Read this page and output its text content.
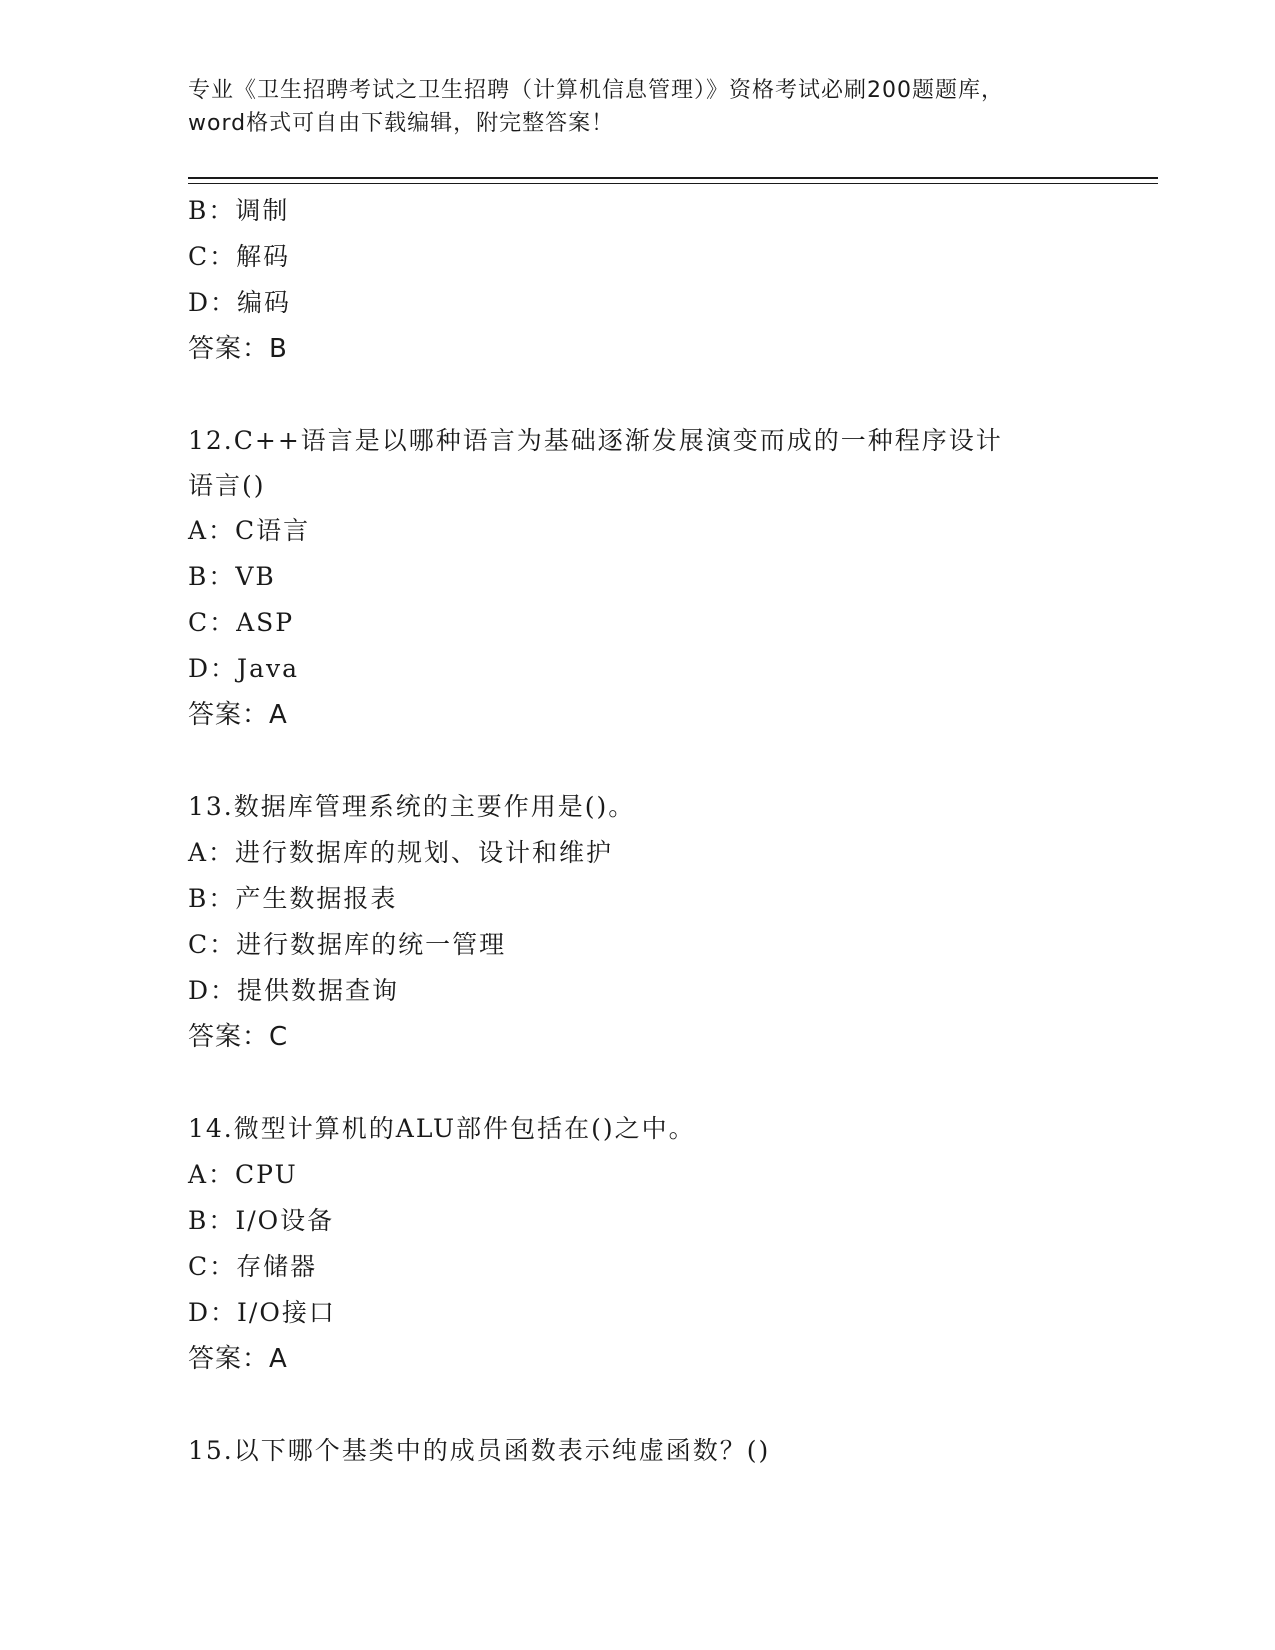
专业《卫生招聘考试之卫生招聘（计算机信息管理）》资格考试必刷200题题库，
word格式可自由下载编辑，附完整答案！
B：调制
C：解码
D：编码
答案：B
12.C++语言是以哪种语言为基础逐渐发展演变而成的一种程序设计语言()
A：C语言
B：VB
C：ASP
D：Java
答案：A
13.数据库管理系统的主要作用是()。
A：进行数据库的规划、设计和维护
B：产生数据报表
C：进行数据库的统一管理
D：提供数据查询
答案：C
14.微型计算机的ALU部件包括在()之中。
A：CPU
B：I/O设备
C：存储器
D：I/O接口
答案：A
15.以下哪个基类中的成员函数表示纯虚函数？()
